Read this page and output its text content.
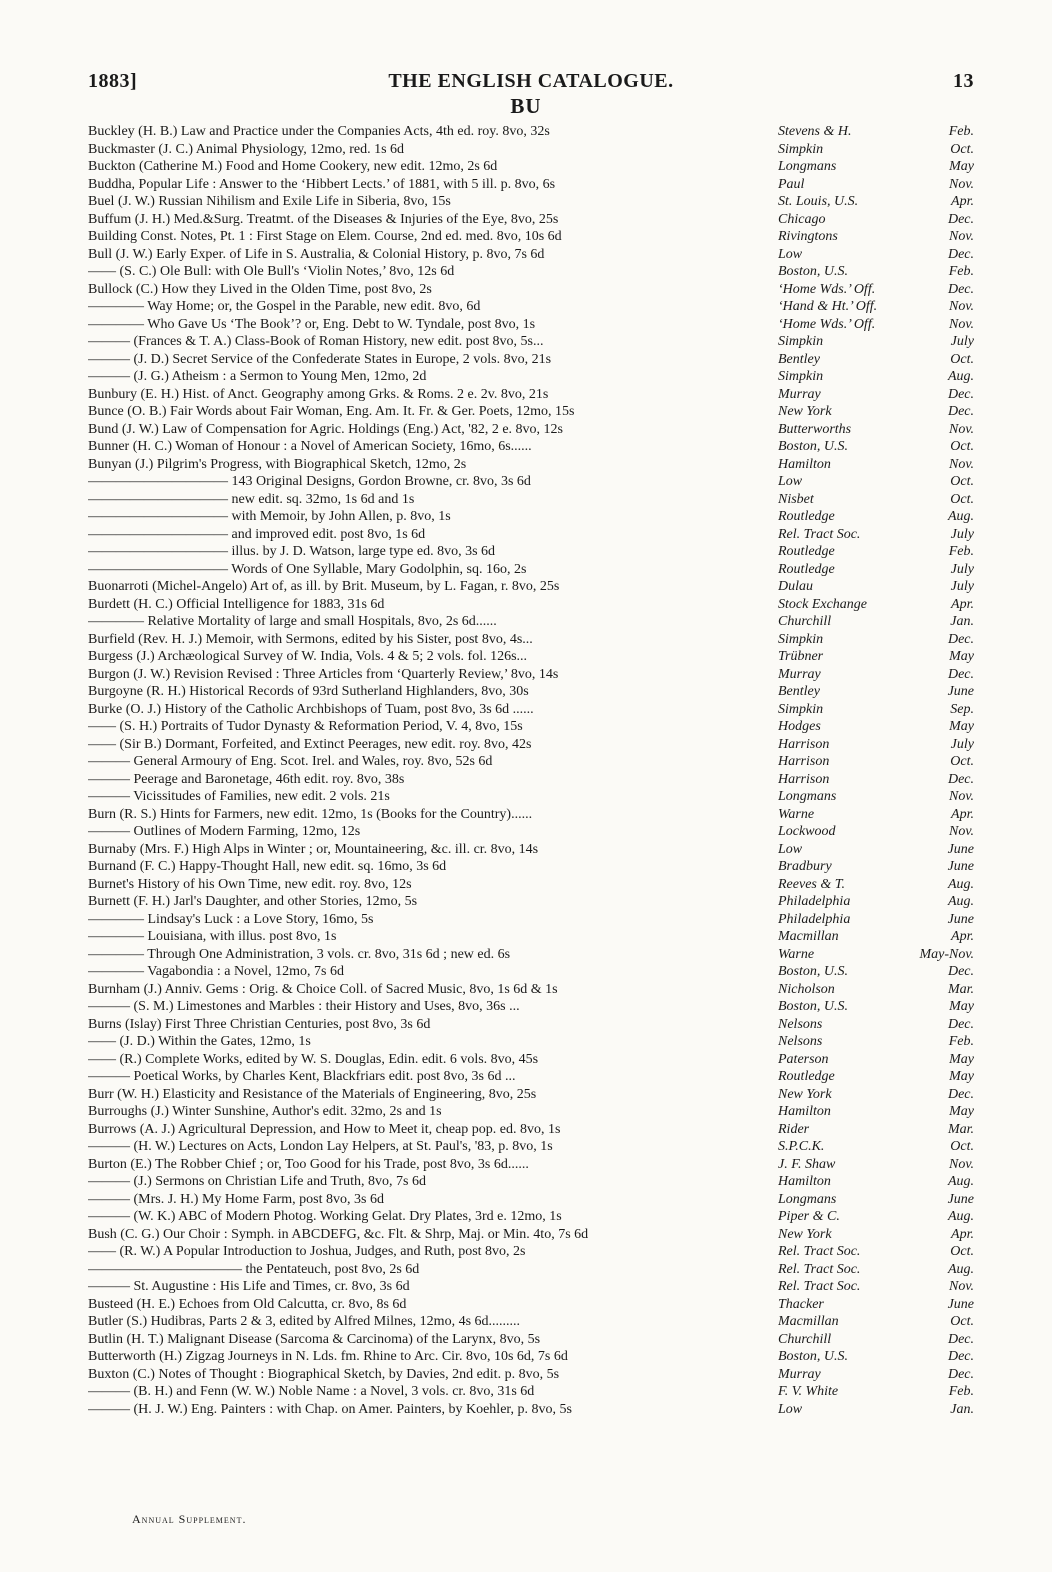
1883]	THE ENGLISH CATALOGUE.	13
BU
Buckley (H. B.) Law and Practice under the Companies Acts, 4th ed. roy. 8vo, 32s	Stevens & H.	Feb.
Buckmaster (J. C.) Animal Physiology, 12mo, red. 1s 6d	Simpkin	Oct.
Buckton (Catherine M.) Food and Home Cookery, new edit. 12mo, 2s 6d	Longmans	May
Buddha, Popular Life : Answer to the ‘Hibbert Lects.’ of 1881, with 5 ill. p. 8vo, 6s	Paul	Nov.
Buel (J. W.) Russian Nihilism and Exile Life in Siberia, 8vo, 15s	St. Louis, U.S.	Apr.
Buffum (J. H.) Med.&Surg. Treatmt. of the Diseases & Injuries of the Eye, 8vo, 25s	Chicago	Dec.
Building Const. Notes, Pt. 1 : First Stage on Elem. Course, 2nd ed. med. 8vo, 10s 6d	Rivingtons	Nov.
Bull (J. W.) Early Exper. of Life in S. Australia, & Colonial History, p. 8vo, 7s 6d	Low	Dec.
—— (S. C.) Ole Bull: with Ole Bull's ‘Violin Notes,’ 8vo, 12s 6d	Boston, U.S.	Feb.
Bullock (C.) How they Lived in the Olden Time, post 8vo, 2s	‘Home Wds.’ Off.	Dec.
———— Way Home; or, the Gospel in the Parable, new edit. 8vo, 6d	‘Hand & Ht.’ Off.	Nov.
———— Who Gave Us ‘The Book’? or, Eng. Debt to W. Tyndale, post 8vo, 1s	‘Home Wds.’ Off.	Nov.
——— (Frances & T. A.) Class-Book of Roman History, new edit. post 8vo, 5s...	Simpkin	July
——— (J. D.) Secret Service of the Confederate States in Europe, 2 vols. 8vo, 21s	Bentley	Oct.
——— (J. G.) Atheism : a Sermon to Young Men, 12mo, 2d	Simpkin	Aug.
Bunbury (E. H.) Hist. of Anct. Geography among Grks. & Roms. 2 e. 2v. 8vo, 21s	Murray	Dec.
Bunce (O. B.) Fair Words about Fair Woman, Eng. Am. It. Fr. & Ger. Poets, 12mo, 15s	New York	Dec.
Bund (J. W.) Law of Compensation for Agric. Holdings (Eng.) Act, '82, 2 e. 8vo, 12s	Butterworths	Nov.
Bunner (H. C.) Woman of Honour : a Novel of American Society, 16mo, 6s......	Boston, U.S.	Oct.
Bunyan (J.) Pilgrim's Progress, with Biographical Sketch, 12mo, 2s	Hamilton	Nov.
—————————— 143 Original Designs, Gordon Browne, cr. 8vo, 3s 6d	Low	Oct.
—————————— new edit. sq. 32mo, 1s 6d and 1s	Nisbet	Oct.
—————————— with Memoir, by John Allen, p. 8vo, 1s	Routledge	Aug.
—————————— and improved edit. post 8vo, 1s 6d	Rel. Tract Soc.	July
—————————— illus. by J. D. Watson, large type ed. 8vo, 3s 6d	Routledge	Feb.
—————————— Words of One Syllable, Mary Godolphin, sq. 16o, 2s	Routledge	July
Buonarroti (Michel-Angelo) Art of, as ill. by Brit. Museum, by L. Fagan, r. 8vo, 25s	Dulau	July
Burdett (H. C.) Official Intelligence for 1883, 31s 6d	Stock Exchange	Apr.
———— Relative Mortality of large and small Hospitals, 8vo, 2s 6d......	Churchill	Jan.
Burfield (Rev. H. J.) Memoir, with Sermons, edited by his Sister, post 8vo, 4s...	Simpkin	Dec.
Burgess (J.) Archæological Survey of W. India, Vols. 4 & 5; 2 vols. fol. 126s...	Trübner	May
Burgon (J. W.) Revision Revised : Three Articles from ‘Quarterly Review,’ 8vo, 14s	Murray	Dec.
Burgoyne (R. H.) Historical Records of 93rd Sutherland Highlanders, 8vo, 30s	Bentley	June
Burke (O. J.) History of the Catholic Archbishops of Tuam, post 8vo, 3s 6d ......	Simpkin	Sep.
—— (S. H.) Portraits of Tudor Dynasty & Reformation Period, V. 4, 8vo, 15s	Hodges	May
—— (Sir B.) Dormant, Forfeited, and Extinct Peerages, new edit. roy. 8vo, 42s	Harrison	July
——— General Armoury of Eng. Scot. Irel. and Wales, roy. 8vo, 52s 6d	Harrison	Oct.
——— Peerage and Baronetage, 46th edit. roy. 8vo, 38s	Harrison	Dec.
——— Vicissitudes of Families, new edit. 2 vols. 21s	Longmans	Nov.
Burn (R. S.) Hints for Farmers, new edit. 12mo, 1s (Books for the Country)......	Warne	Apr.
——— Outlines of Modern Farming, 12mo, 12s	Lockwood	Nov.
Burnaby (Mrs. F.) High Alps in Winter ; or, Mountaineering, &c. ill. cr. 8vo, 14s	Low	June
Burnand (F. C.) Happy-Thought Hall, new edit. sq. 16mo, 3s 6d	Bradbury	June
Burnet's History of his Own Time, new edit. roy. 8vo, 12s	Reeves & T.	Aug.
Burnett (F. H.) Jarl's Daughter, and other Stories, 12mo, 5s	Philadelphia	Aug.
———— Lindsay's Luck : a Love Story, 16mo, 5s	Philadelphia	June
———— Louisiana, with illus. post 8vo, 1s	Macmillan	Apr.
———— Through One Administration, 3 vols. cr. 8vo, 31s 6d ; new ed. 6s	Warne	May-Nov.
———— Vagabondia : a Novel, 12mo, 7s 6d	Boston, U.S.	Dec.
Burnham (J.) Anniv. Gems : Orig. & Choice Coll. of Sacred Music, 8vo, 1s 6d & 1s	Nicholson	Mar.
——— (S. M.) Limestones and Marbles : their History and Uses, 8vo, 36s ...	Boston, U.S.	May
Burns (Islay) First Three Christian Centuries, post 8vo, 3s 6d	Nelsons	Dec.
—— (J. D.) Within the Gates, 12mo, 1s	Nelsons	Feb.
—— (R.) Complete Works, edited by W. S. Douglas, Edin. edit. 6 vols. 8vo, 45s	Paterson	May
——— Poetical Works, by Charles Kent, Blackfriars edit. post 8vo, 3s 6d ...	Routledge	May
Burr (W. H.) Elasticity and Resistance of the Materials of Engineering, 8vo, 25s	New York	Dec.
Burroughs (J.) Winter Sunshine, Author's edit. 32mo, 2s and 1s	Hamilton	May
Burrows (A. J.) Agricultural Depression, and How to Meet it, cheap pop. ed. 8vo, 1s	Rider	Mar.
——— (H. W.) Lectures on Acts, London Lay Helpers, at St. Paul's, '83, p. 8vo, 1s	S.P.C.K.	Oct.
Burton (E.) The Robber Chief ; or, Too Good for his Trade, post 8vo, 3s 6d......	J. F. Shaw	Nov.
——— (J.) Sermons on Christian Life and Truth, 8vo, 7s 6d	Hamilton	Aug.
——— (Mrs. J. H.) My Home Farm, post 8vo, 3s 6d	Longmans	June
——— (W. K.) ABC of Modern Photog. Working Gelat. Dry Plates, 3rd e. 12mo, 1s	Piper & C.	Aug.
Bush (C. G.) Our Choir : Symph. in ABCDEFG, &c. Flt. & Shrp, Maj. or Min. 4to, 7s 6d	New York	Apr.
—— (R. W.) A Popular Introduction to Joshua, Judges, and Ruth, post 8vo, 2s	Rel. Tract Soc.	Oct.
——————————— the Pentateuch, post 8vo, 2s 6d	Rel. Tract Soc.	Aug.
——— St. Augustine : His Life and Times, cr. 8vo, 3s 6d	Rel. Tract Soc.	Nov.
Busteed (H. E.) Echoes from Old Calcutta, cr. 8vo, 8s 6d	Thacker	June
Butler (S.) Hudibras, Parts 2 & 3, edited by Alfred Milnes, 12mo, 4s 6d.........	Macmillan	Oct.
Butlin (H. T.) Malignant Disease (Sarcoma & Carcinoma) of the Larynx, 8vo, 5s	Churchill	Dec.
Butterworth (H.) Zigzag Journeys in N. Lds. fm. Rhine to Arc. Cir. 8vo, 10s 6d, 7s 6d	Boston, U.S.	Dec.
Buxton (C.) Notes of Thought : Biographical Sketch, by Davies, 2nd edit. p. 8vo, 5s	Murray	Dec.
——— (B. H.) and Fenn (W. W.) Noble Name : a Novel, 3 vols. cr. 8vo, 31s 6d	F. V. White	Feb.
——— (H. J. W.) Eng. Painters : with Chap. on Amer. Painters, by Koehler, p. 8vo, 5s	Low	Jan.
Annual Supplement.
